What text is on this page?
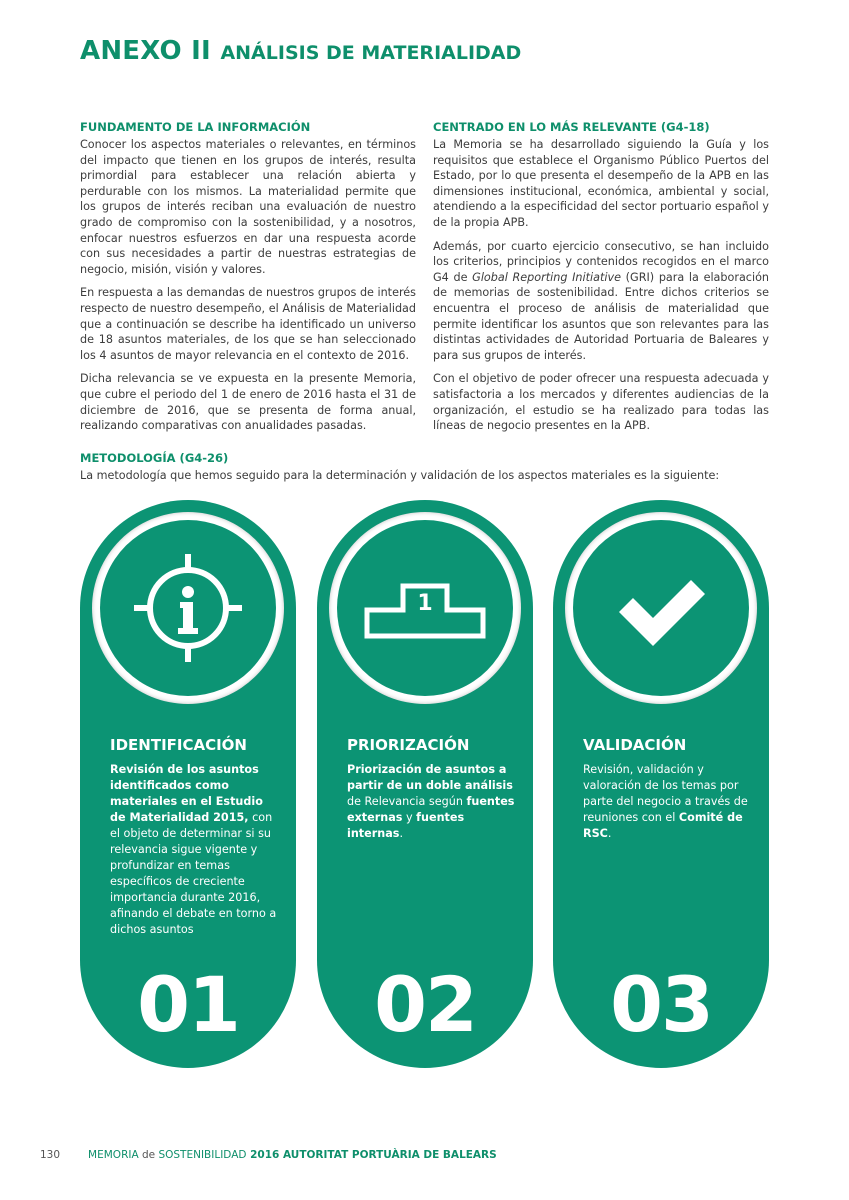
ANEXO II ANÁLISIS DE MATERIALIDAD
FUNDAMENTO DE LA INFORMACIÓN

Conocer los aspectos materiales o relevantes, en términos del impacto que tienen en los grupos de interés, resulta primordial para establecer una relación abierta y perdurable con los mismos. La materialidad permite que los grupos de interés reciban una evaluación de nuestro grado de compromiso con la sostenibilidad, y a nosotros, enfocar nuestros esfuerzos en dar una respuesta acorde con sus necesidades a partir de nuestras estrategias de negocio, misión, visión y valores.

En respuesta a las demandas de nuestros grupos de interés respecto de nuestro desempeño, el Análisis de Materialidad que a continuación se describe ha identificado un universo de 18 asuntos materiales, de los que se han seleccionado los 4 asuntos de mayor relevancia en el contexto de 2016.

Dicha relevancia se ve expuesta en la presente Memoria, que cubre el periodo del 1 de enero de 2016 hasta el 31 de diciembre de 2016, que se presenta de forma anual, realizando comparativas con anualidades pasadas.

CENTRADO EN LO MÁS RELEVANTE (G4-18)

La Memoria se ha desarrollado siguiendo la Guía y los requisitos que establece el Organismo Público Puertos del Estado, por lo que presenta el desempeño de la APB en las dimensiones institucional, económica, ambiental y social, atendiendo a la especificidad del sector portuario español y de la propia APB.

Además, por cuarto ejercicio consecutivo, se han incluido los criterios, principios y contenidos recogidos en el marco G4 de Global Reporting Initiative (GRI) para la elaboración de memorias de sostenibilidad. Entre dichos criterios se encuentra el proceso de análisis de materialidad que permite identificar los asuntos que son relevantes para las distintas actividades de Autoridad Portuaria de Baleares y para sus grupos de interés.

Con el objetivo de poder ofrecer una respuesta adecuada y satisfactoria a los mercados y diferentes audiencias de la organización, el estudio se ha realizado para todas las líneas de negocio presentes en la APB.

METODOLOGÍA (G4-26)
La metodología que hemos seguido para la determinación y validación de los aspectos materiales es la siguiente:
IDENTIFICACIÓN
Revisión de los asuntos identificados como materiales en el Estudio de Materialidad 2015, con el objeto de determinar si su relevancia sigue vigente y profundizar en temas específicos de creciente importancia durante 2016, afinando el debate en torno a dichos asuntos
01
1
PRIORIZACIÓN
Priorización de asuntos a partir de un doble análisis de Relevancia según fuentes externas y fuentes internas.
02
VALIDACIÓN
Revisión, validación y valoración de los temas por parte del negocio a través de reuniones con el Comité de RSC.
03
130	MEMORIA de SOSTENIBILIDAD 2016 AUTORITAT PORTUÀRIA DE BALEARS
